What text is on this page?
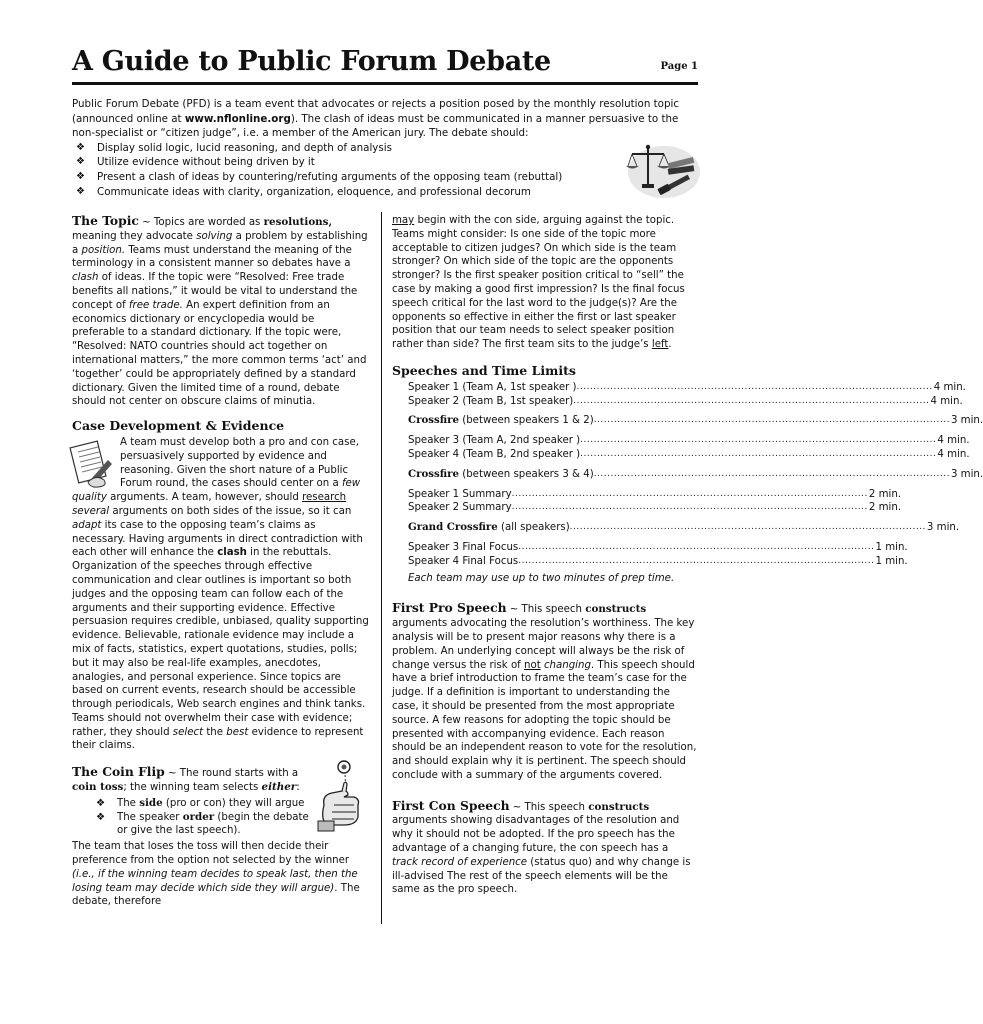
A Guide to Public Forum Debate	Page 1

Public Forum Debate (PFD) is a team event that advocates or rejects a position posed by the monthly resolution topic (announced online at www.nflonline.org). The clash of ideas must be communicated in a manner persuasive to the non-specialist or “citizen judge”, i.e. a member of the American jury. The debate should:

❖ Display solid logic, lucid reasoning, and depth of analysis
❖ Utilize evidence without being driven by it
❖ Present a clash of ideas by countering/refuting arguments of the opposing team (rebuttal)
❖ Communicate ideas with clarity, organization, eloquence, and professional decorum

The Topic ~ Topics are worded as resolutions, meaning they advocate solving a problem by establishing a position. Teams must understand the meaning of the terminology in a consistent manner so debates have a clash of ideas. If the topic were “Resolved: Free trade benefits all nations,” it would be vital to understand the concept of free trade. An expert definition from an economics dictionary or encyclopedia would be preferable to a standard dictionary. If the topic were, “Resolved: NATO countries should act together on international matters,” the more common terms ‘act’ and ‘together’ could be appropriately defined by a standard dictionary. Given the limited time of a round, debate should not center on obscure claims of minutia.

Case Development & Evidence

A team must develop both a pro and con case, persuasively supported by evidence and reasoning. Given the short nature of a Public Forum round, the cases should center on a few quality arguments. A team, however, should research several arguments on both sides of the issue, so it can adapt its case to the opposing team’s claims as necessary. Having arguments in direct contradiction with each other will enhance the clash in the rebuttals. Organization of the speeches through effective communication and clear outlines is important so both judges and the opposing team can follow each of the arguments and their supporting evidence. Effective persuasion requires credible, unbiased, quality supporting evidence. Believable, rationale evidence may include a mix of facts, statistics, expert quotations, studies, polls; but it may also be real-life examples, anecdotes, analogies, and personal experience. Since topics are based on current events, research should be accessible through periodicals, Web search engines and think tanks. Teams should not overwhelm their case with evidence; rather, they should select the best evidence to represent their claims.

The Coin Flip ~ The round starts with a coin toss; the winning team selects either:

❖ The side (pro or con) they will argue
❖ The speaker order (begin the debate or give the last speech).

The team that loses the toss will then decide their preference from the option not selected by the winner (i.e., if the winning team decides to speak last, then the losing team may decide which side they will argue). The debate, therefore

may begin with the con side, arguing against the topic. Teams might consider: Is one side of the topic more acceptable to citizen judges? On which side is the team stronger? On which side of the topic are the opponents stronger? Is the first speaker position critical to “sell” the case by making a good first impression? Is the final focus speech critical for the last word to the judge(s)? Are the opponents so effective in either the first or last speaker position that our team needs to select speaker position rather than side? The first team sits to the judge’s left.

Speeches and Time Limits
Speaker 1 (Team A, 1st speaker ) .......................................................................................................... 4 min.
Speaker 2 (Team B, 1st speaker) .......................................................................................................... 4 min.
Crossfire (between speakers 1 & 2) .......................................................................................................... 3 min.
Speaker 3 (Team A, 2nd speaker ) .......................................................................................................... 4 min.
Speaker 4 (Team B, 2nd speaker ) .......................................................................................................... 4 min.
Crossfire (between speakers 3 & 4) .......................................................................................................... 3 min.
Speaker 1 Summary .......................................................................................................... 2 min.
Speaker 2 Summary .......................................................................................................... 2 min.
Grand Crossfire (all speakers) .......................................................................................................... 3 min.
Speaker 3 Final Focus .......................................................................................................... 1 min.
Speaker 4 Final Focus .......................................................................................................... 1 min.
Each team may use up to two minutes of prep time.

First Pro Speech ~ This speech constructs arguments advocating the resolution’s worthiness. The key analysis will be to present major reasons why there is a problem. An underlying concept will always be the risk of change versus the risk of not changing. This speech should have a brief introduction to frame the team’s case for the judge. If a definition is important to understanding the case, it should be presented from the most appropriate source. A few reasons for adopting the topic should be presented with accompanying evidence. Each reason should be an independent reason to vote for the resolution, and should explain why it is pertinent. The speech should conclude with a summary of the arguments covered.

First Con Speech ~ This speech constructs arguments showing disadvantages of the resolution and why it should not be adopted. If the pro speech has the advantage of a changing future, the con speech has a track record of experience (status quo) and why change is ill-advised The rest of the speech elements will be the same as the pro speech.
